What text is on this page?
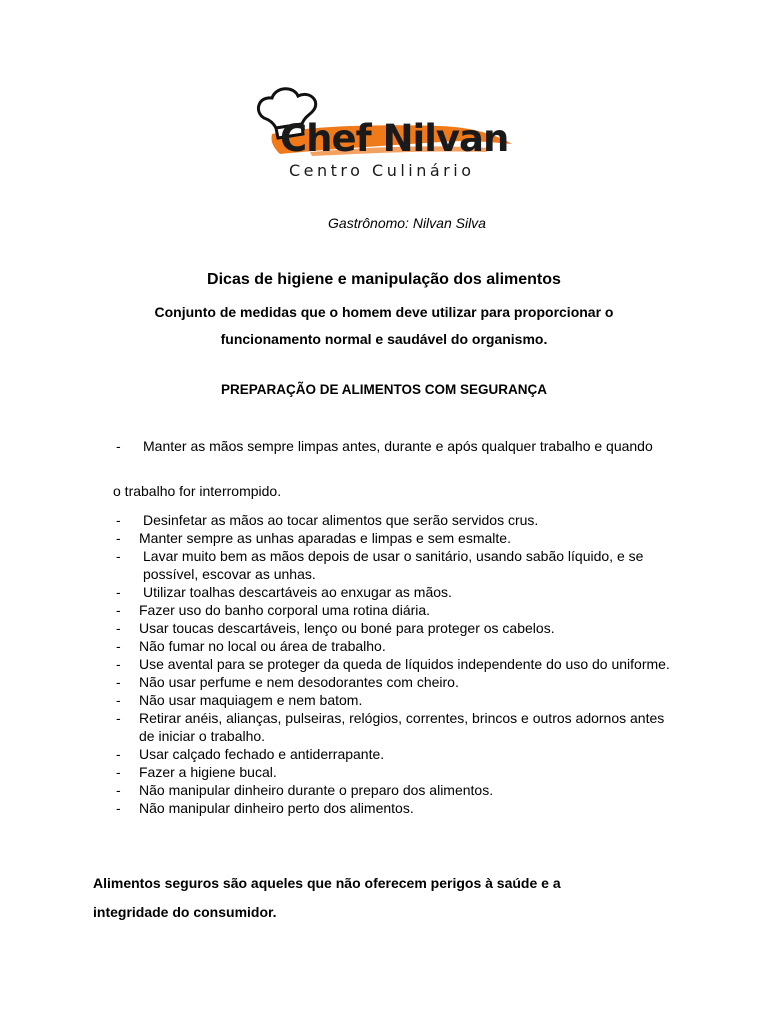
Chef Nilvan
Centro Culinário
Gastrônomo: Nilvan Silva
Dicas de higiene e manipulação dos alimentos
Conjunto de medidas que o homem deve utilizar para proporcionar o
funcionamento normal e saudável do organismo.
PREPARAÇÃO DE ALIMENTOS COM SEGURANÇA
- Manter as mãos sempre limpas antes, durante e após qualquer trabalho e quando
o trabalho for interrompido.
- Desinfetar as mãos ao tocar alimentos que serão servidos crus.
- Manter sempre as unhas aparadas e limpas e sem esmalte.
- Lavar muito bem as mãos depois de usar o sanitário, usando sabão líquido, e se possível, escovar as unhas.
- Utilizar toalhas descartáveis ao enxugar as mãos.
- Fazer uso do banho corporal uma rotina diária.
- Usar toucas descartáveis, lenço ou boné para proteger os cabelos.
- Não fumar no local ou área de trabalho.
- Use avental para se proteger da queda de líquidos independente do uso do uniforme.
- Não usar perfume e nem desodorantes com cheiro.
- Não usar maquiagem e nem batom.
- Retirar anéis, alianças, pulseiras, relógios, correntes, brincos e outros adornos antes de iniciar o trabalho.
- Usar calçado fechado e antiderrapante.
- Fazer a higiene bucal.
- Não manipular dinheiro durante o preparo dos alimentos.
- Não manipular dinheiro perto dos alimentos.
Alimentos seguros são aqueles que não oferecem perigos à saúde e a
integridade do consumidor.
